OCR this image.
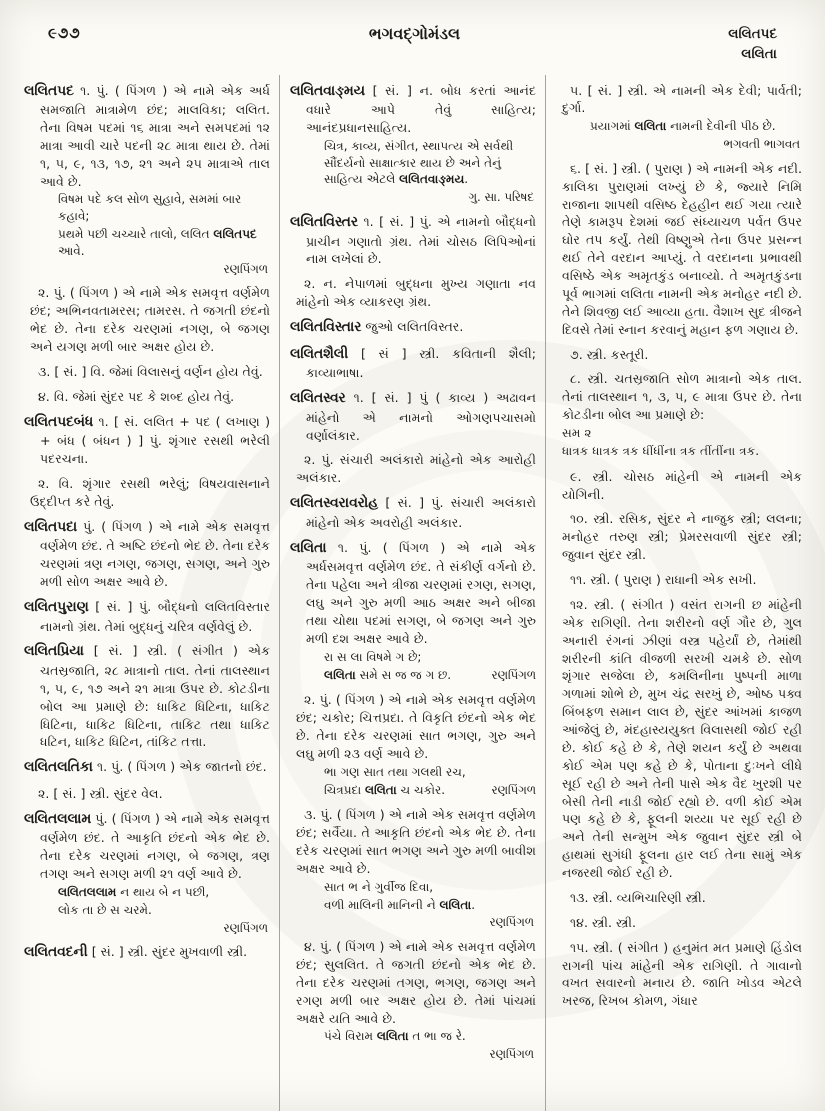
૯૭૭	ભગવદ્ગોમંડલ	લલિતપદ
લલિતા

લલિતપદ ૧. પું. ( પિંગળ ) એ નામે એક અર્ધ સમજાતિ માત્રામેળ છંદ; માલવિકા; લલિત. તેના વિષમ પદમાં ૧૬ માત્રા અને સમપદમાં ૧૨ માત્રા આવી ચારે પદની ૨૮ માત્રા થાય છે. તેમાં ૧, ૫, ૯, ૧૩, ૧૭, ૨૧ અને ૨૫ માત્રાએ તાલ આવે છે.

વિષમ પદે કલ સોળ સુહાવે, સમમાં બાર કહાવે;

પ્રથમે પછી ચચ્ચારે તાલો, લલિત લલિતપદ આવે.

રણપિંગળ

૨. પું. ( પિંગળ ) એ નામે એક સમવૃત્ત વર્ણમેળ છંદ; અભિનવતામરસ; તામરસ. તે જગતી છંદનો ભેદ છે. તેના દરેક ચરણમાં નગણ, બે જગણ અને યગણ મળી બાર અક્ષર હોય છે.

૩. [ સં. ] વિ. જેમાં વિલાસનું વર્ણન હોય તેવું.

૪. વિ. જેમાં સુંદર પદ કે શબ્દ હોય તેવું.

લલિતપદબંધ ૧. [ સં. લલિત + પદ ( લખાણ ) + બંધ ( બંધન ) ] પું. શૃંગાર રસથી ભરેલી પદરચના.

૨. વિ. શૃંગાર રસથી ભરેલું; વિષયવાસનાને ઉદ્દીપ્ત કરે તેવું.

લલિતપદા પું. ( પિંગળ ) એ નામે એક સમવૃત્ત વર્ણમેળ છંદ. તે અષ્ટિ છંદનો ભેદ છે. તેના દરેક ચરણમાં ત્રણ નગણ, જગણ, સગણ, અને ગુરુ મળી સોળ અક્ષર આવે છે.

લલિતપુરાણ [ સં. ] પું. બૌદ્ધનો લલિતવિસ્તાર નામનો ગ્રંથ. તેમાં બુદ્ધનું ચરિત્ર વર્ણવેલું છે.

લલિતપ્રિયા [ સં. ] સ્ત્રી. ( સંગીત ) એક ચતસ્રજાતિ, ૨૮ માત્રાનો તાલ. તેનાં તાલસ્થાન ૧, ૫, ૯, ૧૭ અને ૨૧ માત્રા ઉપર છે. કોટડીના બોલ આ પ્રમાણે છે: ધાકિટ ધિટિના, ધાકિટ ધિટિના, ધાકિટ ધિટિના, તાકિટ તથા ધાકિટ ધટિન, ધાકિટ ધિટિન, તાંકિટ તત્તા.

લલિતલતિકા ૧. પું. ( પિંગળ ) એક જાતનો છંદ.

૨. [ સં. ] સ્ત્રી. સુંદર વેલ.

લલિતલલામ પું. ( પિંગળ ) એ નામે એક સમવૃત્ત વર્ણમેળ છંદ. તે આકૃતિ છંદનો એક ભેદ છે. તેના દરેક ચરણમાં નગણ, બે જગણ, ત્રણ તગણ અને સગણ મળી ૨૧ વર્ણ આવે છે.

લલિતલલામ ન થાય બે ન પછી,

લોક તા છે સ ચરમે.

રણપિંગળ

લલિતવદની [ સં. ] સ્ત્રી. સુંદર મુખવાળી સ્ત્રી.

લલિતવાઙ્મય [ સં. ] ન. બોધ કરતાં આનંદ વધારે આપે તેવું સાહિત્ય; આનંદપ્રધાનસાહિત્ય.

ચિત્ર, કાવ્ય, સંગીત, સ્થાપત્ય એ સર્વથી સૌંદર્યનો સાક્ષાત્કાર થાય છે અને તેનું સાહિત્ય એટલે લલિતવાઙ્મય.

ગુ. સા. પરિષદ

લલિતવિસ્તર ૧. [ સં. ] પું. એ નામનો બૌદ્ધનો પ્રાચીન ગણાતો ગ્રંથ. તેમાં ચોસઠ લિપિઓનાં નામ લખેલાં છે.

૨. ન. નેપાળમાં બુદ્ધના મુખ્ય ગણાતા નવ માંહેનો એક વ્યાકરણ ગ્રંથ.

લલિતવિસ્તાર જુઓ લલિતવિસ્તર.

લલિતશૈલી [ સં ] સ્ત્રી. કવિતાની શૈલી; કાવ્યાભાષા.

લલિતસ્વર ૧. [ સં. ] પું ( કાવ્ય ) અઢાવન માંહેનો એ નામનો ઓગણપચાસમો વર્ણાલંકાર.

૨. પું. સંચારી અલંકારો માંહેનો એક આરોહી અલંકાર.

લલિતસ્વરાવરોહ [ સં. ] પું. સંચારી અલંકારો માંહેનો એક અવરોહી અલંકાર.

લલિતા ૧. પું. ( પિંગળ ) એ નામે એક અર્ધસમવૃત્ત વર્ણમેળ છંદ. તે સંકીર્ણ વર્ગનો છે. તેના પહેલા અને ત્રીજા ચરણમાં રગણ, સગણ, લઘુ અને ગુરુ મળી આઠ અક્ષર અને બીજા તથા ચોથા પદમાં સગણ, બે જગણ અને ગુરુ મળી દશ અક્ષર આવે છે.

રા સ લા વિષમે ગ છે;

લલિતા સમે સ જ જ ગ છ.	રણપિંગળ

૨. પું. ( પિંગળ ) એ નામે એક સમવૃત્ત વર્ણમેળ છંદ; ચકોર; ચિત્તપ્રદા. તે વિકૃતિ છંદનો એક ભેદ છે. તેના દરેક ચરણમાં સાત ભગણ, ગુરુ અને લઘુ મળી ૨૩ વર્ણ આવે છે.

ભા ગણ સાત તથા ગલથી રચ,

ચિત્રપ્રદા લલિતા ચ ચકોર.	રણપિંગળ

૩. પું. ( પિંગળ ) એ નામે એક સમવૃત્ત વર્ણમેળ છંદ; સર્વૈયા. તે આકૃતિ છંદનો એક ભેદ છે. તેના દરેક ચરણમાં સાત ભગણ અને ગુરુ મળી બાવીશ અક્ષર આવે છે.

સાત ભ ને ગુર્વીજ દિવા,

વળી માલિની માનિની ને લલિતા.

રણપિંગળ

૪. પું. ( પિંગળ ) એ નામે એક સમવૃત્ત વર્ણમેળ છંદ; સુલલિત. તે જગતી છંદનો એક ભેદ છે. તેના દરેક ચરણમાં તગણ, ભગણ, જગણ અને રગણ મળી બાર અક્ષર હોય છે. તેમાં પાંચમાં અક્ષરે યતિ આવે છે.

પંચે વિરામ લલિતા ત ભા જ રે.

રણપિંગળ

૫. [ સં. ] સ્ત્રી. એ નામની એક દેવી; પાર્વતી; દુર્ગા.

પ્રયાગમાં લલિતા નામની દેવીની પીઠ છે.

ભગવતી ભાગવત

૬. [ સં. ] સ્ત્રી. ( પુરાણ ) એ નામની એક નદી. કાલિકા પુરાણમાં લખ્યું છે કે, જ્યારે નિમિ રાજાના શાપથી વસિષ્ઠ દેહહીન થઈ ગયા ત્યારે તેણે કામરૂપ દેશમાં જઈ સંધ્યાચળ પર્વત ઉપર ઘોર તપ કર્યું. તેથી વિષ્ણુએ તેના ઉપર પ્રસન્ન થઈ તેને વરદાન આપ્યું. તે વરદાનના પ્રભાવથી વસિષ્ઠે એક અમૃતકુંડ બનાવ્યો. તે અમૃતકુંડના પૂર્વ ભાગમાં લલિતા નામની એક મનોહર નદી છે. તેને શિવજી લઈ આવ્યા હતા. વૈશાખ સુદ ત્રીજને દિવસે તેમાં સ્નાન કરવાનું મહાન ફળ ગણાય છે.

૭. સ્ત્રી. કસ્તૂરી.

૮. સ્ત્રી. ચતસ્રજાતિ સોળ માત્રાનો એક તાલ. તેનાં તાલસ્થાન ૧, ૩, ૫, ૯ માત્રા ઉપર છે. તેના કોટડીના બોલ આ પ્રમાણે છે:

સમ ૨

ધાત્રક ધાત્રક ત્રક ધીંધીંના ત્રક તીંતીંના ત્રક.

૯. સ્ત્રી. ચોસઠ માંહેની એ નામની એક યોગિની.

૧૦. સ્ત્રી. રસિક, સુંદર ને નાજુક સ્ત્રી; લલના; મનોહર તરુણ સ્ત્રી; પ્રેમરસવાળી સુંદર સ્ત્રી; જુવાન સુંદર સ્ત્રી.

૧૧. સ્ત્રી. ( પુરાણ ) રાધાની એક સખી.

૧૨. સ્ત્રી. ( સંગીત ) વસંત રાગની છ માંહેની એક રાગિણી. તેના શરીરનો વર્ણ ગૌર છે, ગુલ અનારી રંગનાં ઝીણાં વસ્ત્ર પહેર્યાં છે, તેમાંથી શરીરની કાંતિ વીજળી સરખી ચમકે છે. સોળ શૃંગાર સજેલા છે, કમલિનીના પુષ્પની માળા ગળામાં શોભે છે, મુખ ચંદ્ર સરખું છે, ઓષ્ઠ પક્વ બિંબફળ સમાન લાલ છે, સુંદર આંખમાં કાજળ આંજેલું છે, મંદહાસ્યયુક્ત વિલાસથી જોઈ રહી છે. કોઈ કહે છે કે, તેણે શયન કર્યું છે અથવા કોઈ એમ પણ કહે છે કે, પોતાના દુઃખને લીધે સૂઈ રહી છે અને તેની પાસે એક વૈદ ખુરશી પર બેસી તેની નાડી જોઈ રહ્યો છે. વળી કોઈ એમ પણ કહે છે કે, ફૂલની શય્યા પર સૂઈ રહી છે અને તેની સન્મુખ એક જુવાન સુંદર સ્ત્રી બે હાથમાં સુગંધી ફૂલના હાર લઈ તેના સામું એક નજરથી જોઈ રહી છે.

૧૩. સ્ત્રી. વ્યભિચારિણી સ્ત્રી.

૧૪. સ્ત્રી. સ્ત્રી.

૧૫. સ્ત્રી. ( સંગીત ) હનુમંત મત પ્રમાણે હિંડોલ રાગની પાંચ માંહેની એક રાગિણી. તે ગાવાનો વખત સવારનો મનાય છે. જાતિ ખોડવ એટલે ખરજ, રિખબ કોમળ, ગંધાર
